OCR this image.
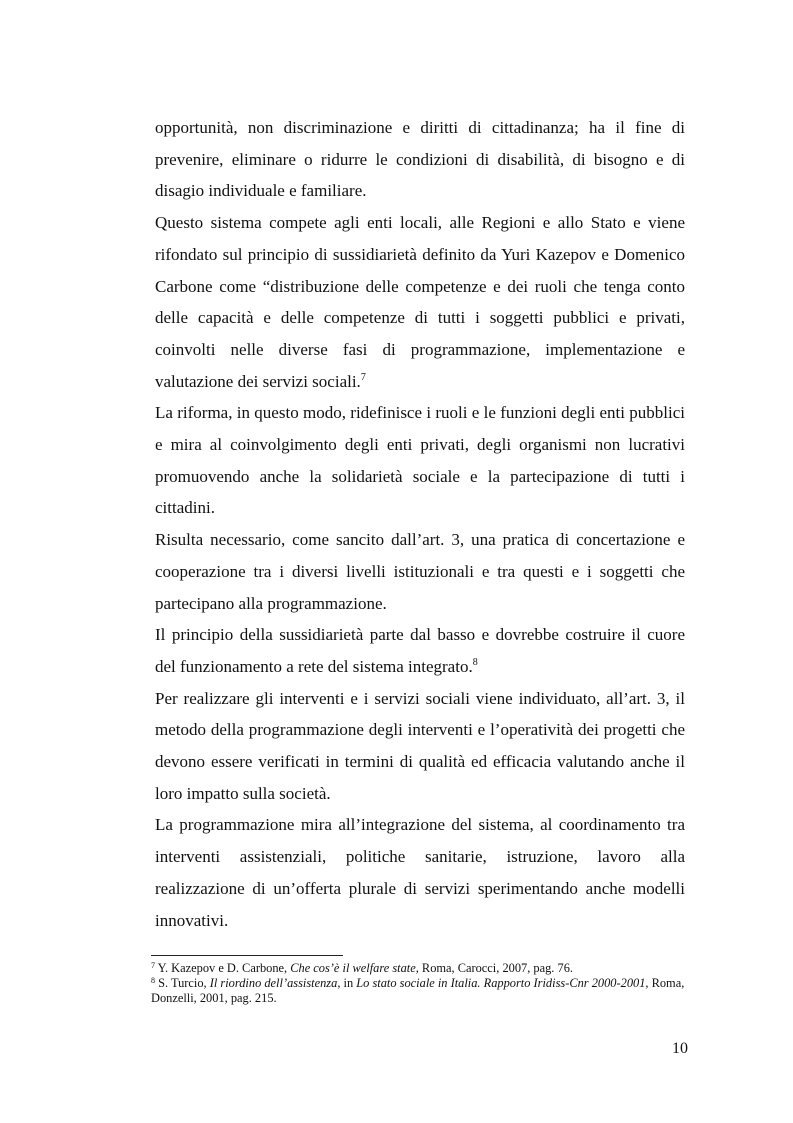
opportunità, non discriminazione e diritti di cittadinanza; ha il fine di prevenire, eliminare o ridurre le condizioni di disabilità, di bisogno e di disagio individuale e familiare.

Questo sistema compete agli enti locali, alle Regioni e allo Stato e viene rifondato sul principio di sussidiarietà definito da Yuri Kazepov e Domenico Carbone come “distribuzione delle competenze e dei ruoli che tenga conto delle capacità e delle competenze di tutti i soggetti pubblici e privati, coinvolti nelle diverse fasi di programmazione, implementazione e valutazione dei servizi sociali.$^7$

La riforma, in questo modo, ridefinisce i ruoli e le funzioni degli enti pubblici e mira al coinvolgimento degli enti privati, degli organismi non lucrativi promuovendo anche la solidarietà sociale e la partecipazione di tutti i cittadini.

Risulta necessario, come sancito dall’art. 3, una pratica di concertazione e cooperazione tra i diversi livelli istituzionali e tra questi e i soggetti che partecipano alla programmazione.

Il principio della sussidiarietà parte dal basso e dovrebbe costruire il cuore del funzionamento a rete del sistema integrato.$^8$

Per realizzare gli interventi e i servizi sociali viene individuato, all’art. 3, il metodo della programmazione degli interventi e l’operatività dei progetti che devono essere verificati in termini di qualità ed efficacia valutando anche il loro impatto sulla società.

La programmazione mira all’integrazione del sistema, al coordinamento tra interventi assistenziali, politiche sanitarie, istruzione, lavoro alla realizzazione di un’offerta plurale di servizi sperimentando anche modelli innovativi.

$^7$ Y. Kazepov e D. Carbone, Che cos’è il welfare state, Roma, Carocci, 2007, pag. 76.

$^8$ S. Turcio, Il riordino dell’assistenza, in Lo stato sociale in Italia. Rapporto Iridiss-Cnr 2000-2001, Roma, Donzelli, 2001, pag. 215.

10
